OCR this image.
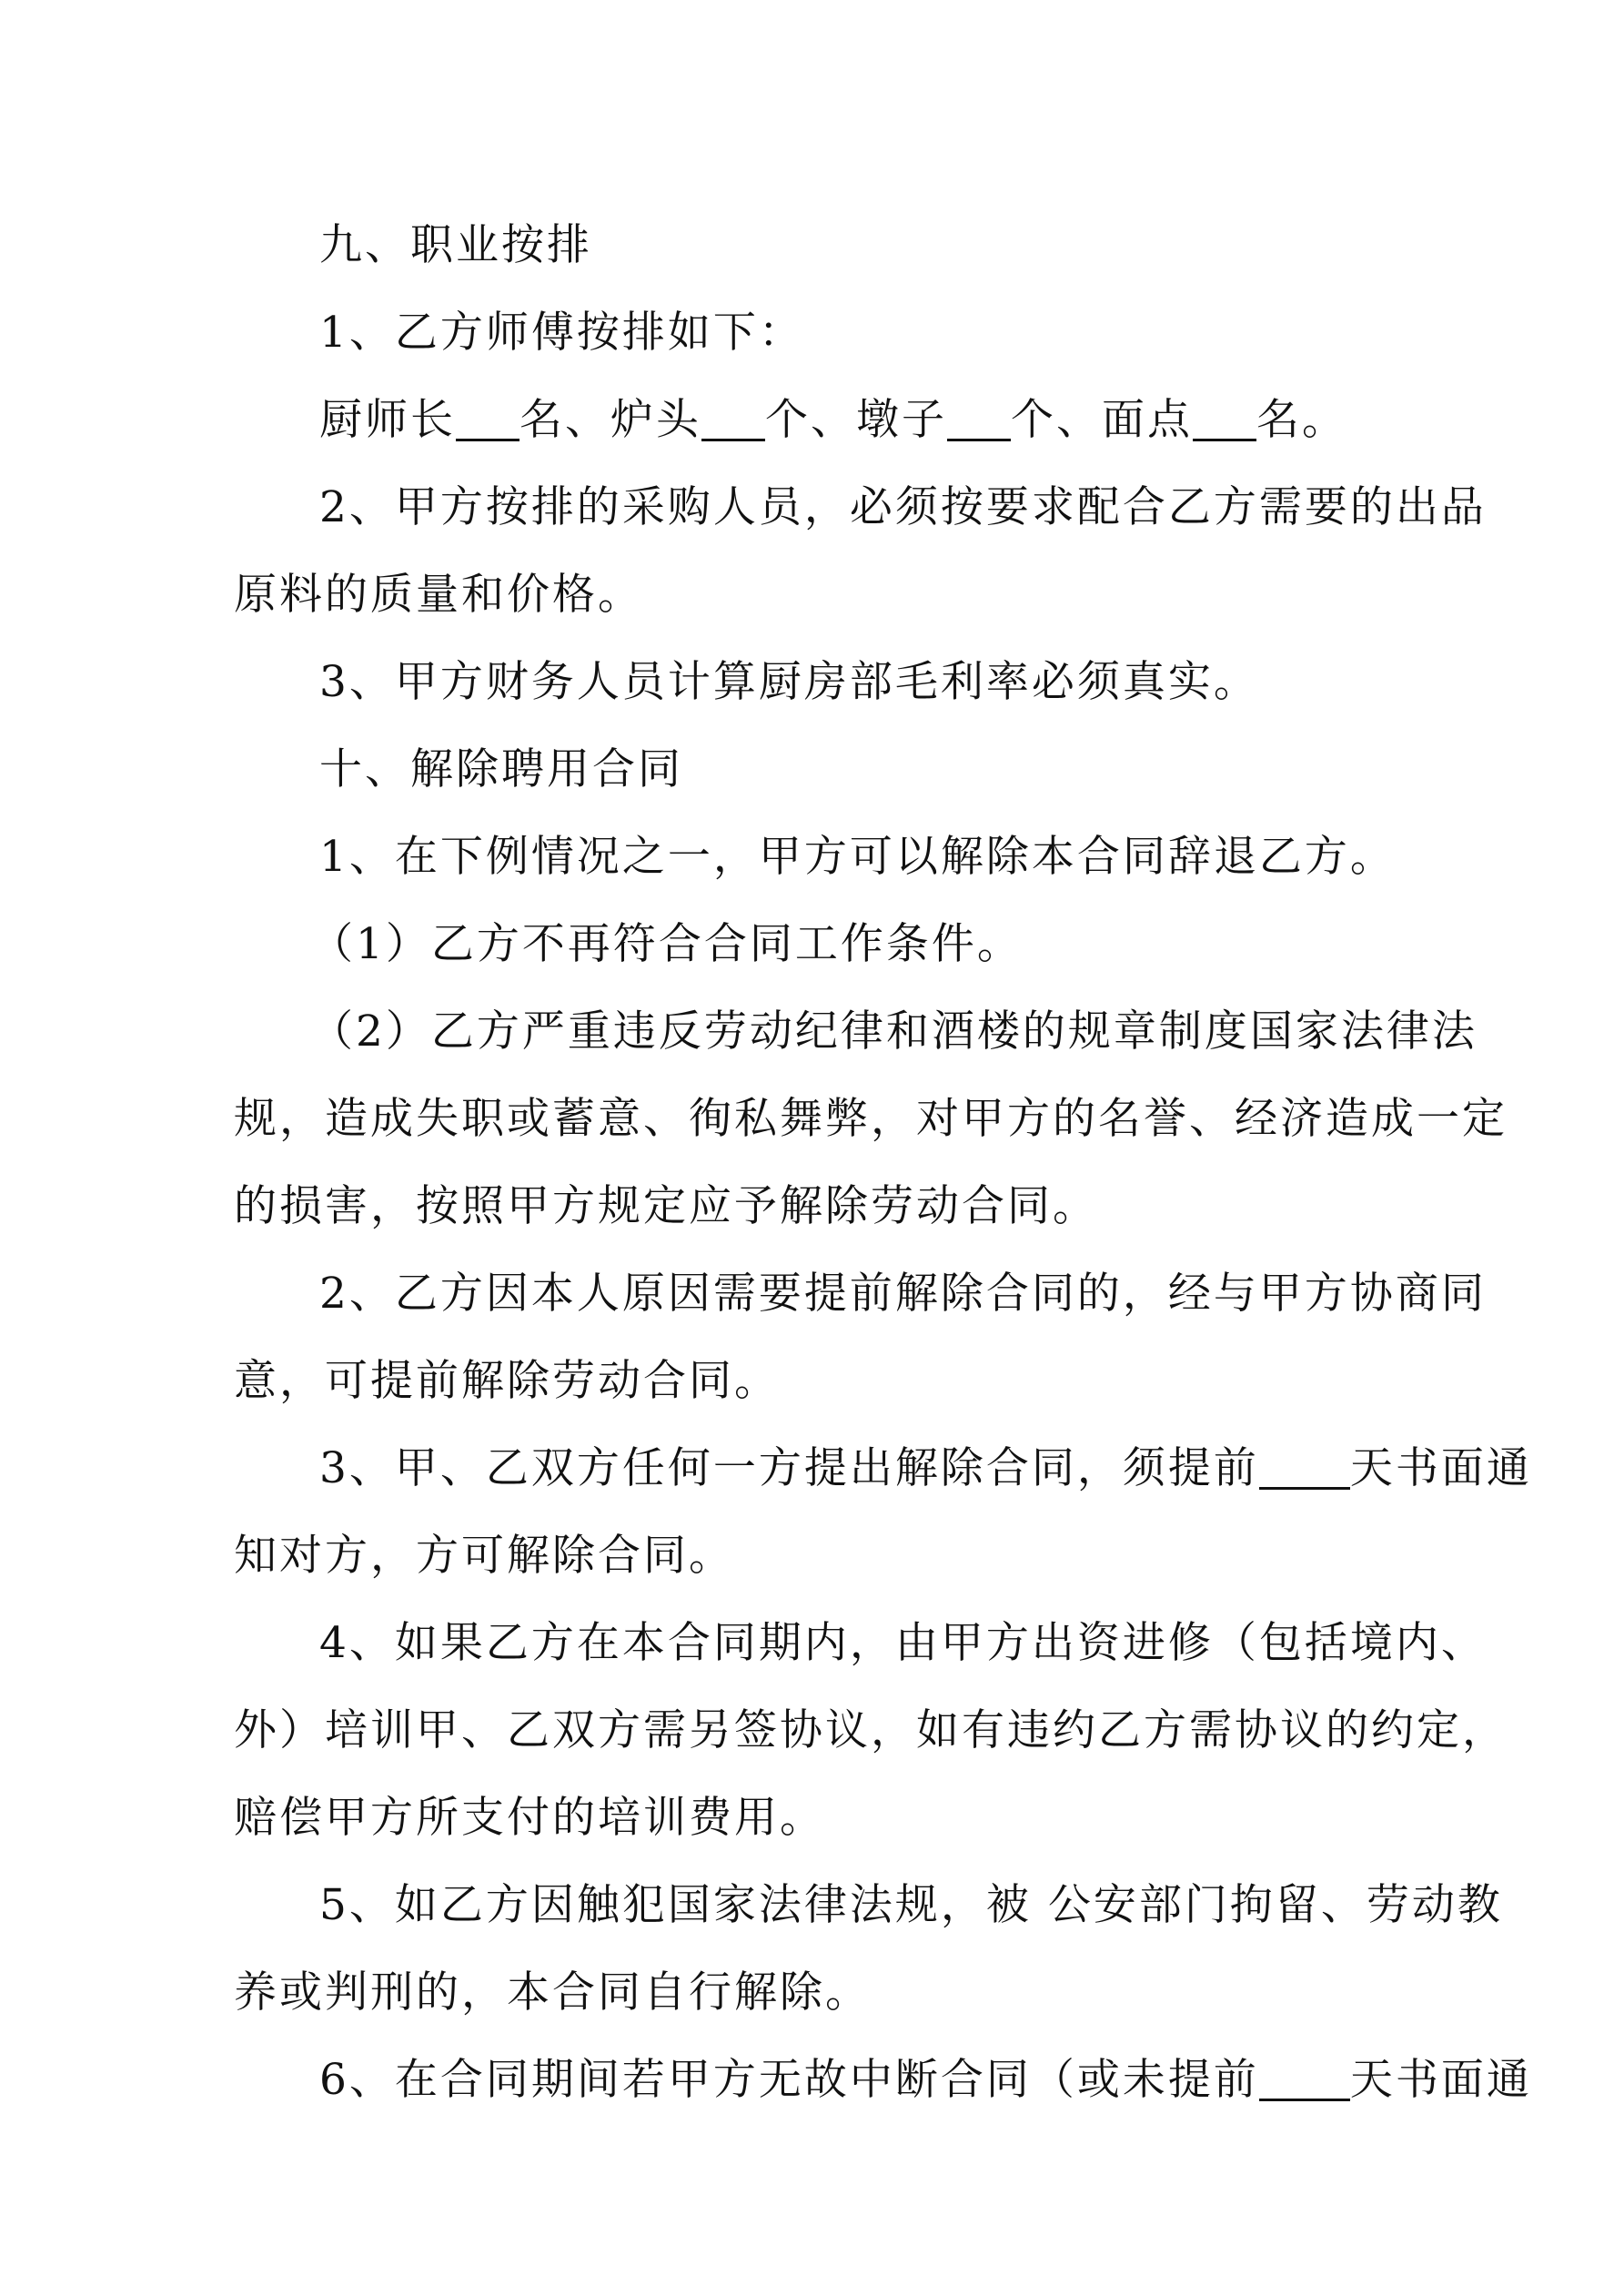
九、职业按排
1、乙方师傅按排如下：
厨师长 名、炉头 个、墩子 个、面点 名。
2、甲方按排的采购人员，必须按要求配合乙方需要的出品
原料的质量和价格。
3、甲方财务人员计算厨房部毛利率必须真实。
十、解除聘用合同
1、在下例情况之一，甲方可以解除本合同辞退乙方。
（1）乙方不再符合合同工作条件。
（2）乙方严重违反劳动纪律和酒楼的规章制度国家法律法
规，造成失职或蓄意、徇私舞弊，对甲方的名誉、经济造成一定
的损害，按照甲方规定应予解除劳动合同。
2、乙方因本人原因需要提前解除合同的，经与甲方协商同
意，可提前解除劳动合同。
3、甲、乙双方任何一方提出解除合同，须提前 天书面通
知对方，方可解除合同。
4、如果乙方在本合同期内，由甲方出资进修（包括境内、
外）培训甲、乙双方需另签协议，如有违约乙方需协议的约定，
赔偿甲方所支付的培训费用。
5、如乙方因触犯国家法律法规，被 公安部门拘留、劳动教
养或判刑的，本合同自行解除。
6、在合同期间若甲方无故中断合同（或未提前 天书面通
